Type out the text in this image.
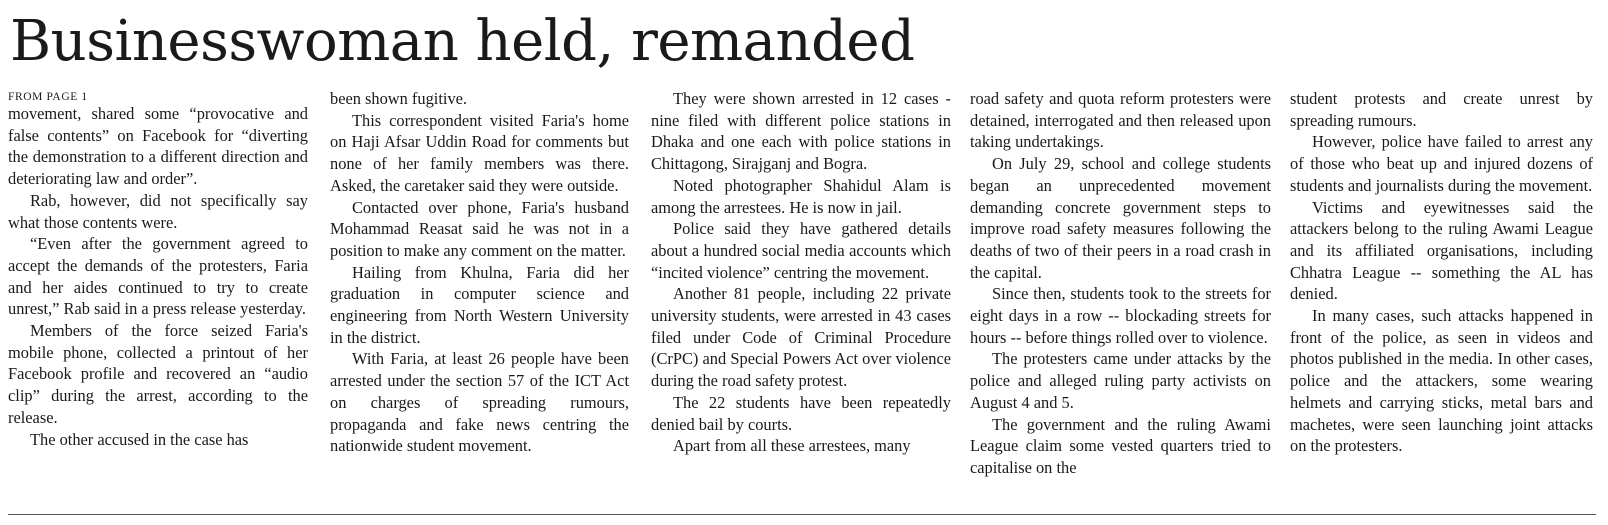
Businesswoman held, remanded
FROM PAGE 1

movement, shared some “provocative and false contents” on Facebook for “diverting the demonstration to a different direction and deteriorating law and order”.

Rab, however, did not specifically say what those contents were.

“Even after the government agreed to accept the demands of the protesters, Faria and her aides continued to try to create unrest,” Rab said in a press release yesterday.

Members of the force seized Faria's mobile phone, collected a printout of her Facebook profile and recovered an “audio clip” during the arrest, according to the release.

The other accused in the case has

been shown fugitive.

This correspondent visited Faria's home on Haji Afsar Uddin Road for comments but none of her family members was there. Asked, the caretaker said they were outside.

Contacted over phone, Faria's husband Mohammad Reasat said he was not in a position to make any comment on the matter.

Hailing from Khulna, Faria did her graduation in computer science and engineering from North Western University in the district.

With Faria, at least 26 people have been arrested under the section 57 of the ICT Act on charges of spreading rumours, propaganda and fake news centring the nationwide student movement.

They were shown arrested in 12 cases - nine filed with different police stations in Dhaka and one each with police stations in Chittagong, Sirajganj and Bogra.

Noted photographer Shahidul Alam is among the arrestees. He is now in jail.

Police said they have gathered details about a hundred social media accounts which “incited violence” centring the movement.

Another 81 people, including 22 private university students, were arrested in 43 cases filed under Code of Criminal Procedure (CrPC) and Special Powers Act over violence during the road safety protest.

The 22 students have been repeatedly denied bail by courts.

Apart from all these arrestees, many

road safety and quota reform protesters were detained, interrogated and then released upon taking undertakings.

On July 29, school and college students began an unprecedented movement demanding concrete government steps to improve road safety measures following the deaths of two of their peers in a road crash in the capital.

Since then, students took to the streets for eight days in a row -- blockading streets for hours -- before things rolled over to violence.

The protesters came under attacks by the police and alleged ruling party activists on August 4 and 5.

The government and the ruling Awami League claim some vested quarters tried to capitalise on the

student protests and create unrest by spreading rumours.

However, police have failed to arrest any of those who beat up and injured dozens of students and journalists during the movement.

Victims and eyewitnesses said the attackers belong to the ruling Awami League and its affiliated organisations, including Chhatra League -- something the AL has denied.

In many cases, such attacks happened in front of the police, as seen in videos and photos published in the media. In other cases, police and the attackers, some wearing helmets and carrying sticks, metal bars and machetes, were seen launching joint attacks on the protesters.
